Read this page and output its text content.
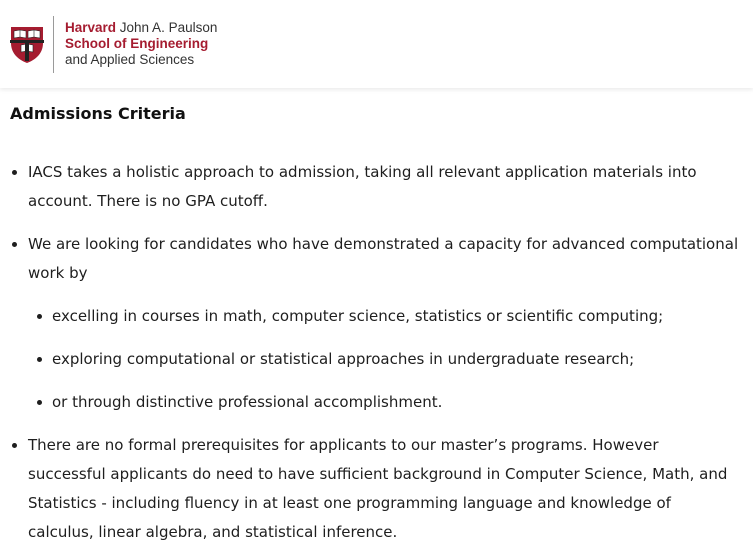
Harvard John A. Paulson
School of Engineering
and Applied Sciences
Admissions Criteria
IACS takes a holistic approach to admission, taking all relevant application materials into account. There is no GPA cutoff.
We are looking for candidates who have demonstrated a capacity for advanced computational work by
excelling in courses in math, computer science, statistics or scientific computing;
exploring computational or statistical approaches in undergraduate research;
or through distinctive professional accomplishment.
There are no formal prerequisites for applicants to our master’s programs. However successful applicants do need to have sufficient background in Computer Science, Math, and Statistics - including fluency in at least one programming language and knowledge of calculus, linear algebra, and statistical inference.
